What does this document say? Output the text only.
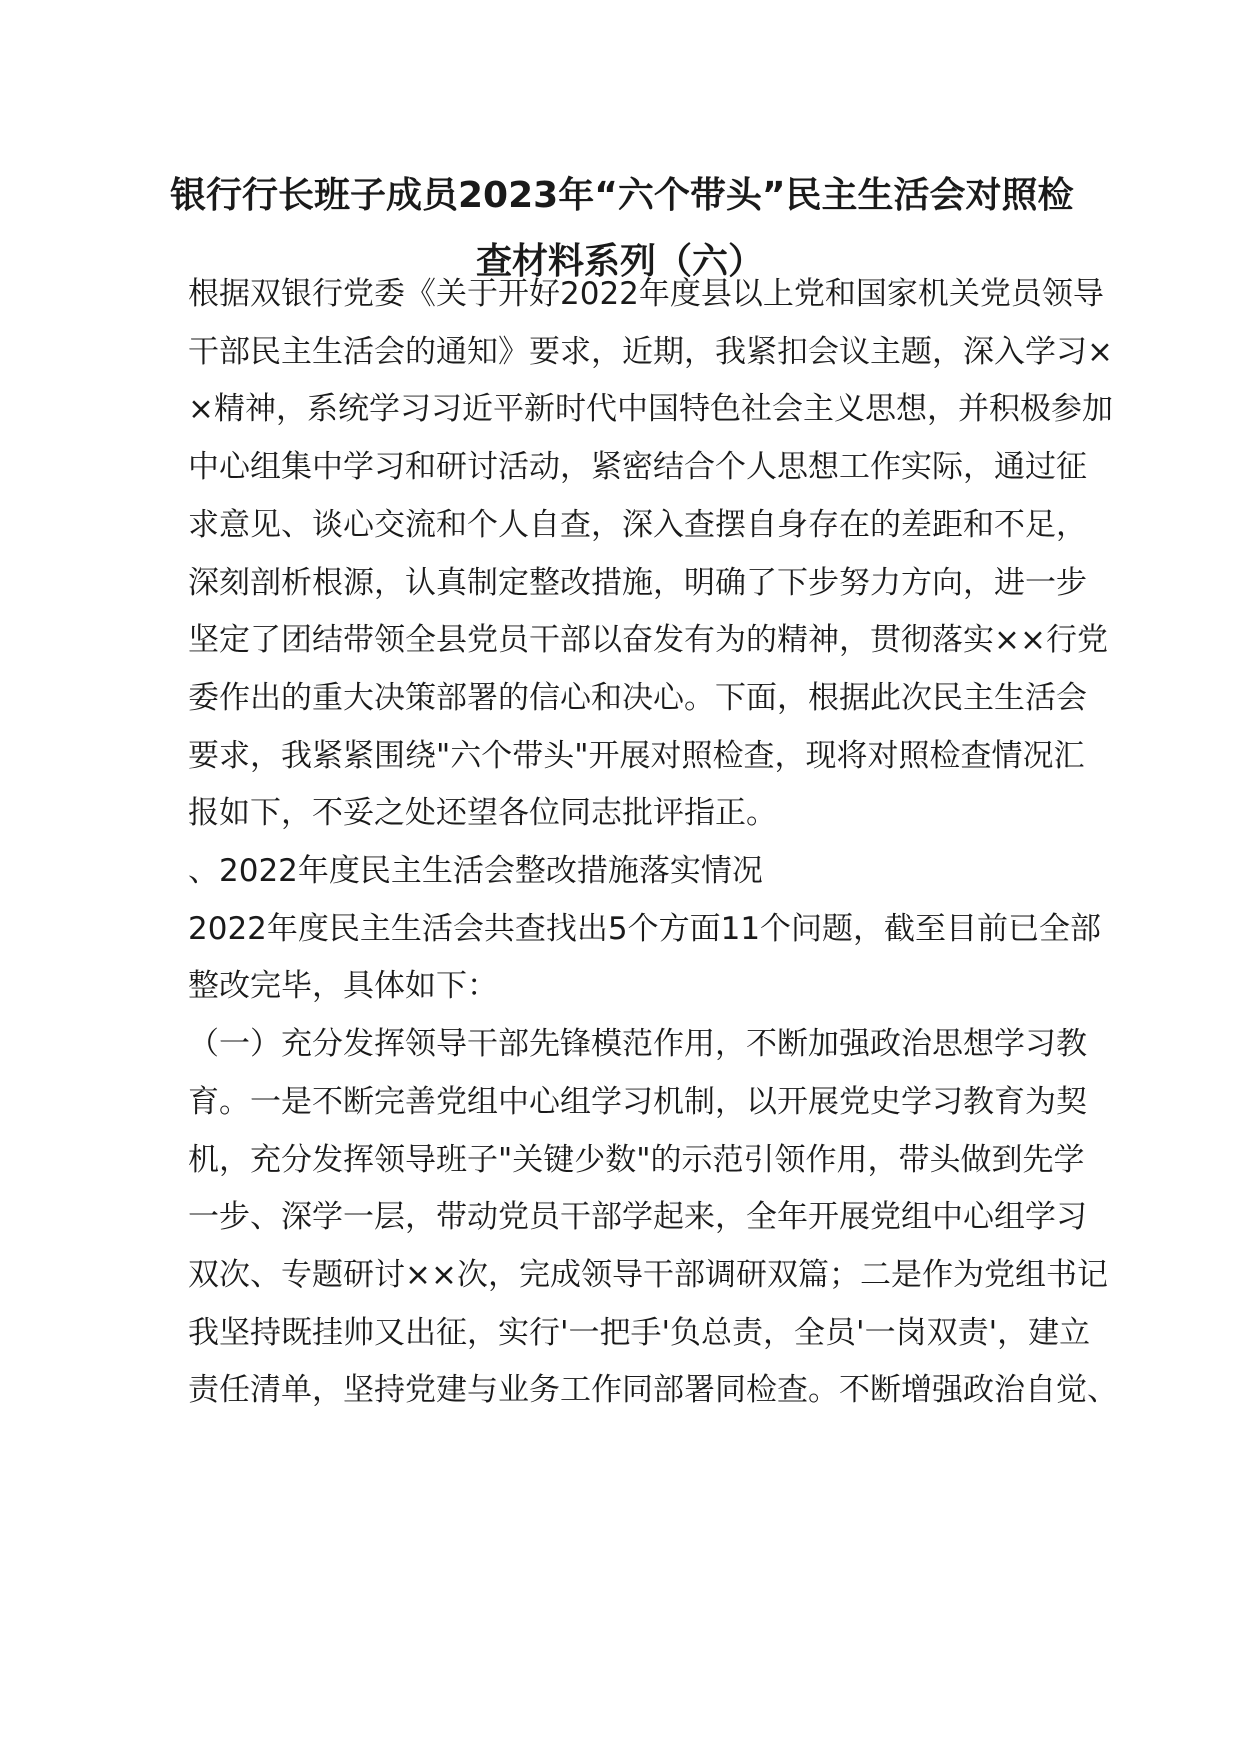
银行行长班子成员2023年“六个带头”民主生活会对照检
查材料系列（六）
根据双银行党委《关于开好2022年度县以上党和国家机关党员领导
干部民主生活会的通知》要求，近期，我紧扣会议主题，深入学习×
×精神，系统学习习近平新时代中国特色社会主义思想，并积极参加
中心组集中学习和研讨活动，紧密结合个人思想工作实际，通过征
求意见、谈心交流和个人自查，深入查摆自身存在的差距和不足，
深刻剖析根源，认真制定整改措施，明确了下步努力方向，进一步
坚定了团结带领全县党员干部以奋发有为的精神，贯彻落实××行党
委作出的重大决策部署的信心和决心。下面，根据此次民主生活会
要求，我紧紧围绕"六个带头"开展对照检查，现将对照检查情况汇
报如下，不妥之处还望各位同志批评指正。
、2022年度民主生活会整改措施落实情况
2022年度民主生活会共查找出5个方面11个问题，截至目前已全部
整改完毕，具体如下：
（一）充分发挥领导干部先锋模范作用，不断加强政治思想学习教
育。一是不断完善党组中心组学习机制，以开展党史学习教育为契
机，充分发挥领导班子"关键少数"的示范引领作用，带头做到先学
一步、深学一层，带动党员干部学起来，全年开展党组中心组学习
双次、专题研讨××次，完成领导干部调研双篇；二是作为党组书记
我坚持既挂帅又出征，实行'一把手'负总责，全员'一岗双责'，建立
责任清单，坚持党建与业务工作同部署同检查。不断增强政治自觉、
